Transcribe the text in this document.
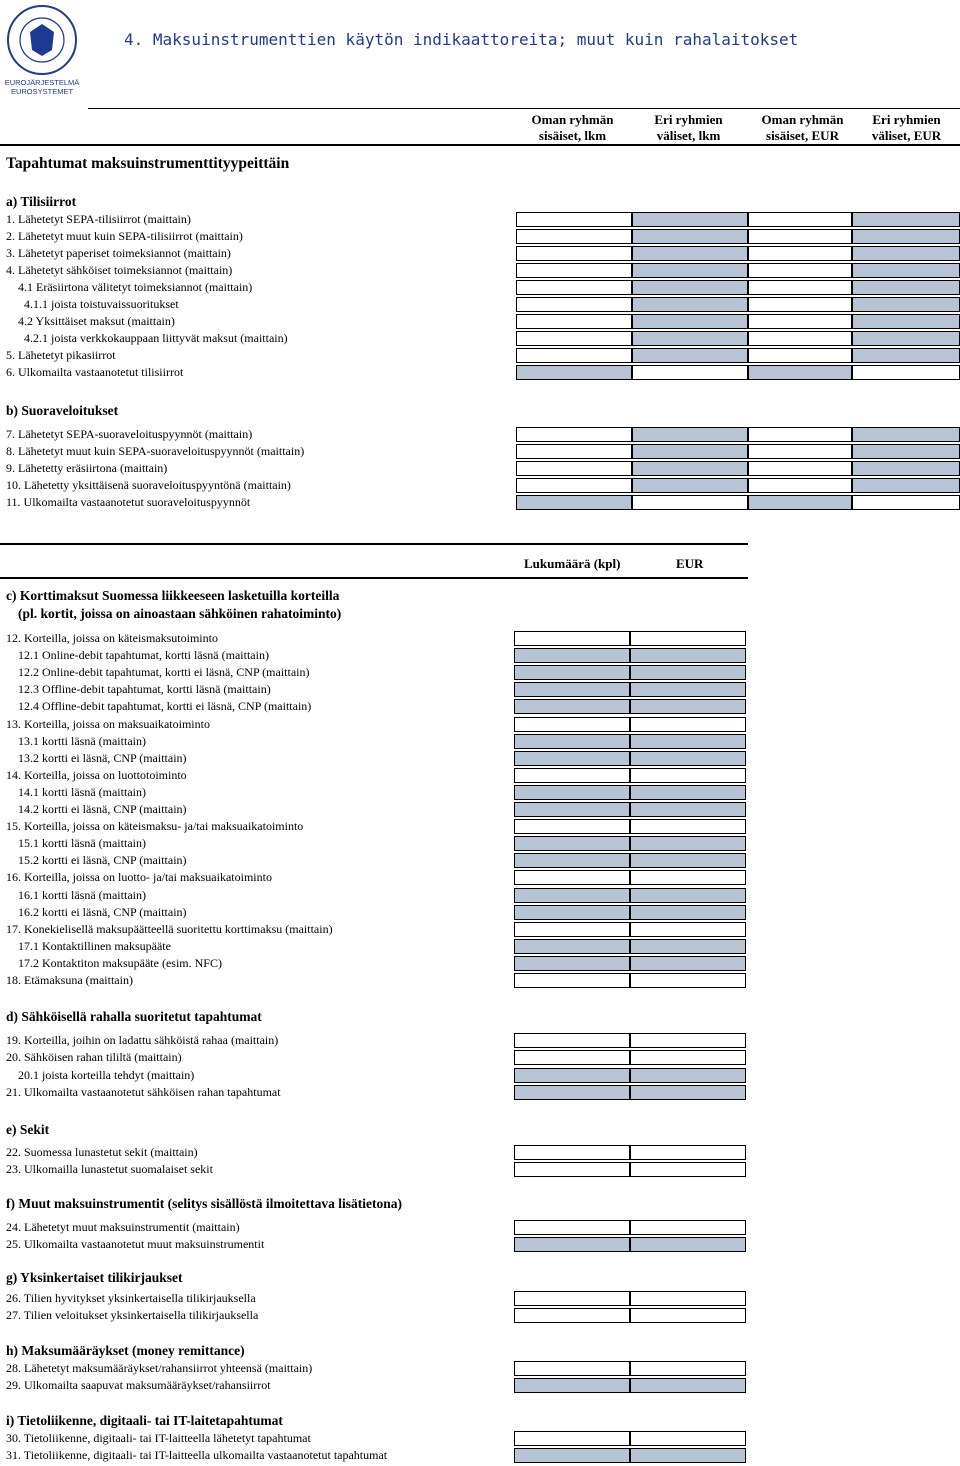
EUROJÄRJESTELMÄ
EUROSYSTEMET
4. Maksuinstrumenttien käytön indikaattoreita; muut kuin rahalaitokset
Oman ryhmän
sisäiset, lkm
Eri ryhmien
väliset, lkm
Oman ryhmän
sisäiset, EUR
Eri ryhmien
väliset, EUR
Tapahtumat maksuinstrumenttityypeittäin
a) Tilisiirrot
1. Lähetetyt SEPA-tilisiirrot (maittain)
2. Lähetetyt muut kuin SEPA-tilisiirrot (maittain)
3. Lähetetyt paperiset toimeksiannot (maittain)
4. Lähetetyt sähköiset toimeksiannot (maittain)
4.1 Eräsiirtona välitetyt toimeksiannot (maittain)
4.1.1 joista toistuvaissuoritukset
4.2 Yksittäiset maksut (maittain)
4.2.1 joista verkkokauppaan liittyvät maksut (maittain)
5. Lähetetyt pikasiirrot
6. Ulkomailta vastaanotetut tilisiirrot
b) Suoraveloitukset
7. Lähetetyt SEPA-suoraveloituspyynnöt (maittain)
8. Lähetetyt muut kuin SEPA-suoraveloituspyynnöt (maittain)
9. Lähetetty eräsiirtona (maittain)
10. Lähetetty yksittäisenä suoraveloituspyyntönä (maittain)
11. Ulkomailta vastaanotetut suoraveloituspyynnöt
c) Korttimaksut Suomessa liikkeeseen lasketuilla korteilla
(pl. kortit, joissa on ainoastaan sähköinen rahatoiminto)
12. Korteilla, joissa on käteismaksutoiminto
12.1 Online-debit tapahtumat, kortti läsnä (maittain)
12.2 Online-debit tapahtumat, kortti ei läsnä, CNP (maittain)
12.3 Offline-debit tapahtumat, kortti läsnä (maittain)
12.4 Offline-debit tapahtumat, kortti ei läsnä, CNP (maittain)
13. Korteilla, joissa on maksuaikatoiminto
13.1 kortti läsnä (maittain)
13.2 kortti ei läsnä, CNP (maittain)
14. Korteilla, joissa on luottotoiminto
14.1 kortti läsnä (maittain)
14.2 kortti ei läsnä, CNP (maittain)
15. Korteilla, joissa on käteismaksu- ja/tai maksuaikatoiminto
15.1 kortti läsnä (maittain)
15.2 kortti ei läsnä, CNP (maittain)
16. Korteilla, joissa on luotto- ja/tai maksuaikatoiminto
16.1 kortti läsnä (maittain)
16.2 kortti ei läsnä, CNP (maittain)
17. Konekielisellä maksupäätteellä suoritettu korttimaksu (maittain)
17.1 Kontaktillinen maksupääte
17.2 Kontaktiton maksupääte (esim. NFC)
18. Etämaksuna (maittain)
d) Sähköisellä rahalla suoritetut tapahtumat
19. Korteilla, joihin on ladattu sähköistä rahaa (maittain)
20. Sähköisen rahan tililtä (maittain)
20.1 joista korteilla tehdyt (maittain)
21. Ulkomailta vastaanotetut sähköisen rahan tapahtumat
e) Sekit
22. Suomessa lunastetut sekit (maittain)
23. Ulkomailla lunastetut suomalaiset sekit
f) Muut maksuinstrumentit (selitys sisällöstä ilmoitettava lisätietona)
24. Lähetetyt muut maksuinstrumentit (maittain)
25. Ulkomailta vastaanotetut muut maksuinstrumentit
g) Yksinkertaiset tilikirjaukset
26. Tilien hyvitykset yksinkertaisella tilikirjauksella
27. Tilien veloitukset yksinkertaisella tilikirjauksella
h) Maksumääräykset (money remittance)
28. Lähetetyt maksumääräykset/rahansiirrot yhteensä (maittain)
29. Ulkomailta saapuvat maksumääräykset/rahansiirrot
i) Tietoliikenne, digitaali- tai IT-laitetapahtumat
30. Tietoliikenne, digitaali- tai IT-laitteella lähetetyt tapahtumat
31. Tietoliikenne, digitaali- tai IT-laitteella ulkomailta vastaanotetut tapahtumat
Lukumäärä (kpl)	EUR
